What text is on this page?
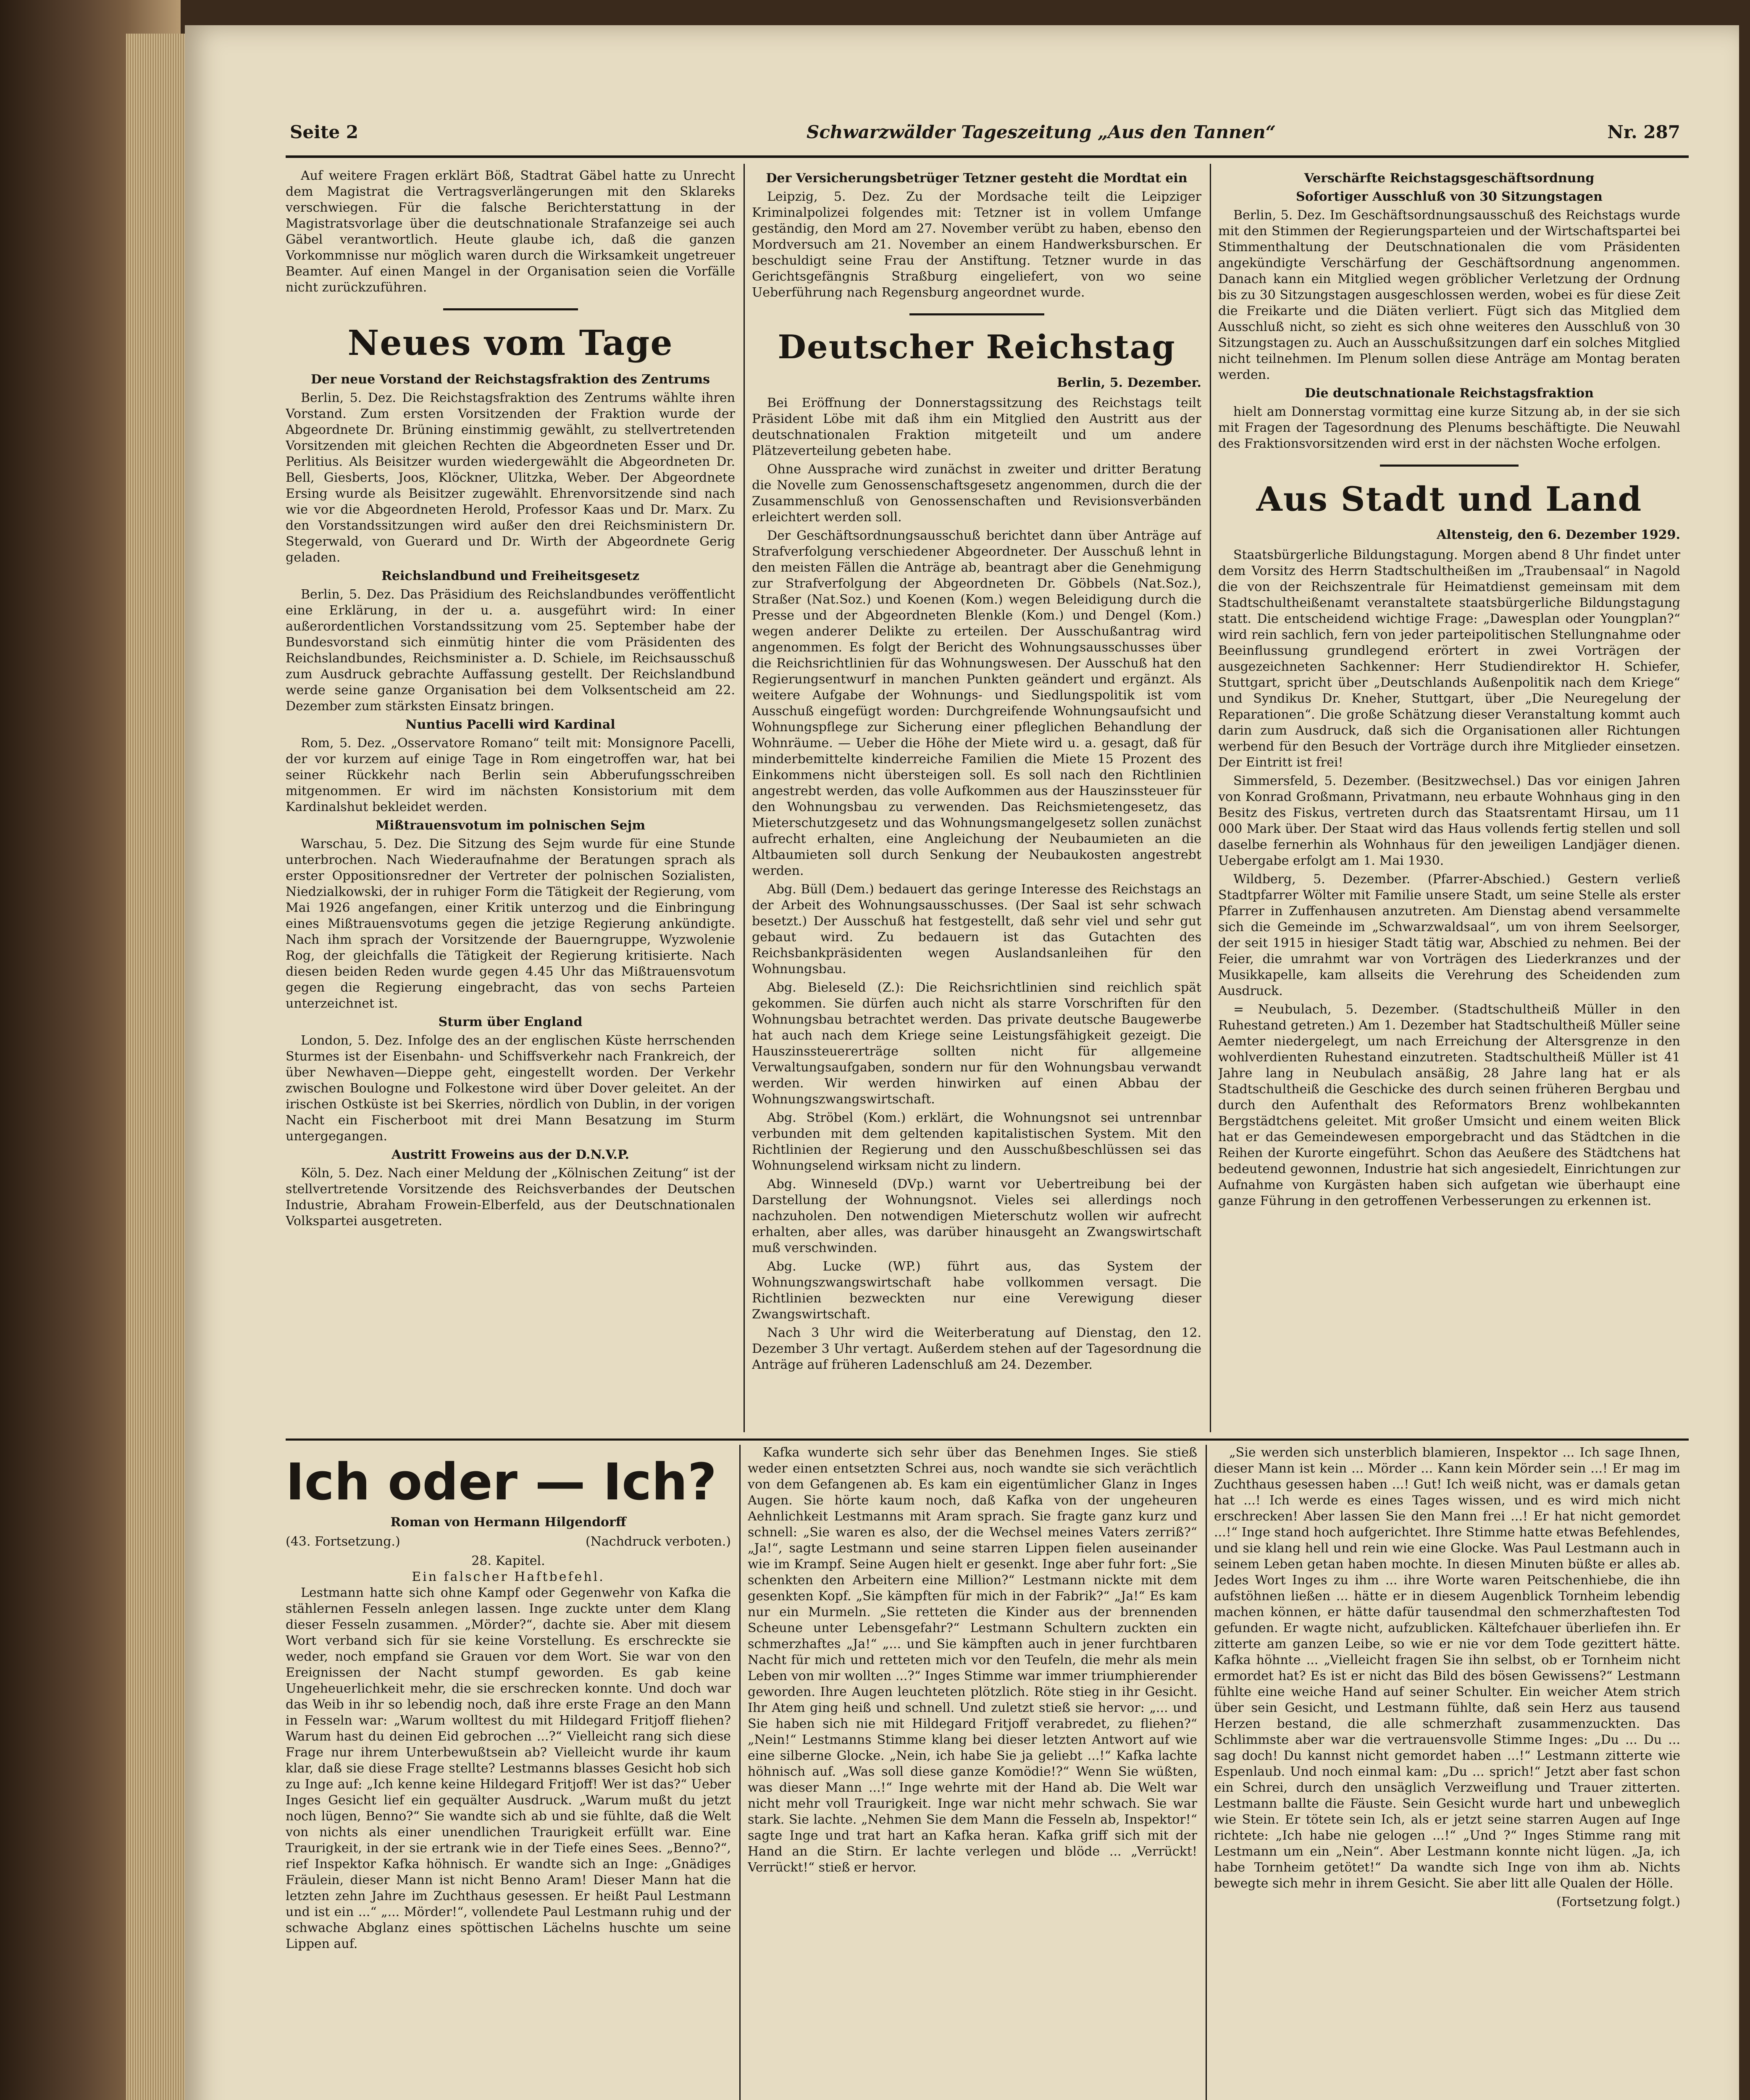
Seite 2	Schwarzwälder Tageszeitung „Aus den Tannen“	Nr. 287

Auf weitere Fragen erklärt Böß, Stadtrat Gäbel hatte zu Unrecht dem Magistrat die Vertragsverlängerungen mit den Sklareks verschwiegen. Für die falsche Berichterstattung in der Magistratsvorlage über die deutschnationale Strafanzeige sei auch Gäbel verantwortlich. Heute glaube ich, daß die ganzen Vorkommnisse nur möglich waren durch die Wirksamkeit ungetreuer Beamter. Auf einen Mangel in der Organisation seien die Vorfälle nicht zurückzuführen.

Neues vom Tage
Der neue Vorstand der Reichstagsfraktion des Zentrums

Berlin, 5. Dez. Die Reichstagsfraktion des Zentrums wählte ihren Vorstand. Zum ersten Vorsitzenden der Fraktion wurde der Abgeordnete Dr. Brüning einstimmig gewählt, zu stellvertretenden Vorsitzenden mit gleichen Rechten die Abgeordneten Esser und Dr. Perlitius. Als Beisitzer wurden wiedergewählt die Abgeordneten Dr. Bell, Giesberts, Joos, Klöckner, Ulitzka, Weber. Der Abgeordnete Ersing wurde als Beisitzer zugewählt. Ehrenvorsitzende sind nach wie vor die Abgeordneten Herold, Professor Kaas und Dr. Marx. Zu den Vorstandssitzungen wird außer den drei Reichsministern Dr. Stegerwald, von Guerard und Dr. Wirth der Abgeordnete Gerig geladen.

Reichslandbund und Freiheitsgesetz

Berlin, 5. Dez. Das Präsidium des Reichslandbundes veröffentlicht eine Erklärung, in der u. a. ausgeführt wird: In einer außerordentlichen Vorstandssitzung vom 25. September habe der Bundesvorstand sich einmütig hinter die vom Präsidenten des Reichslandbundes, Reichsminister a. D. Schiele, im Reichsausschuß zum Ausdruck gebrachte Auffassung gestellt. Der Reichslandbund werde seine ganze Organisation bei dem Volksentscheid am 22. Dezember zum stärksten Einsatz bringen.

Nuntius Pacelli wird Kardinal

Rom, 5. Dez. „Osservatore Romano“ teilt mit: Monsignore Pacelli, der vor kurzem auf einige Tage in Rom eingetroffen war, hat bei seiner Rückkehr nach Berlin sein Abberufungsschreiben mitgenommen. Er wird im nächsten Konsistorium mit dem Kardinalshut bekleidet werden.

Mißtrauensvotum im polnischen Sejm

Warschau, 5. Dez. Die Sitzung des Sejm wurde für eine Stunde unterbrochen. Nach Wiederaufnahme der Beratungen sprach als erster Oppositionsredner der Vertreter der polnischen Sozialisten, Niedzialkowski, der in ruhiger Form die Tätigkeit der Regierung, vom Mai 1926 angefangen, einer Kritik unterzog und die Einbringung eines Mißtrauensvotums gegen die jetzige Regierung ankündigte. Nach ihm sprach der Vorsitzende der Bauerngruppe, Wyzwolenie Rog, der gleichfalls die Tätigkeit der Regierung kritisierte. Nach diesen beiden Reden wurde gegen 4.45 Uhr das Mißtrauensvotum gegen die Regierung eingebracht, das von sechs Parteien unterzeichnet ist.

Sturm über England

London, 5. Dez. Infolge des an der englischen Küste herrschenden Sturmes ist der Eisenbahn- und Schiffsverkehr nach Frankreich, der über Newhaven—Dieppe geht, eingestellt worden. Der Verkehr zwischen Boulogne und Folkestone wird über Dover geleitet. An der irischen Ostküste ist bei Skerries, nördlich von Dublin, in der vorigen Nacht ein Fischerboot mit drei Mann Besatzung im Sturm untergegangen.

Austritt Froweins aus der D.N.V.P.

Köln, 5. Dez. Nach einer Meldung der „Kölnischen Zeitung“ ist der stellvertretende Vorsitzende des Reichsverbandes der Deutschen Industrie, Abraham Frowein-Elberfeld, aus der Deutschnationalen Volkspartei ausgetreten.

Der Versicherungsbetrüger Tetzner gesteht die Mordtat ein

Leipzig, 5. Dez. Zu der Mordsache teilt die Leipziger Kriminalpolizei folgendes mit: Tetzner ist in vollem Umfange geständig, den Mord am 27. November verübt zu haben, ebenso den Mordversuch am 21. November an einem Handwerksburschen. Er beschuldigt seine Frau der Anstiftung. Tetzner wurde in das Gerichtsgefängnis Straßburg eingeliefert, von wo seine Ueberführung nach Regensburg angeordnet wurde.

Deutscher Reichstag
Berlin, 5. Dezember.

Bei Eröffnung der Donnerstagssitzung des Reichstags teilt Präsident Löbe mit daß ihm ein Mitglied den Austritt aus der deutschnationalen Fraktion mitgeteilt und um andere Plätzeverteilung gebeten habe.

Ohne Aussprache wird zunächst in zweiter und dritter Beratung die Novelle zum Genossenschaftsgesetz angenommen, durch die der Zusammenschluß von Genossenschaften und Revisionsverbänden erleichtert werden soll.

Der Geschäftsordnungsausschuß berichtet dann über Anträge auf Strafverfolgung verschiedener Abgeordneter. Der Ausschuß lehnt in den meisten Fällen die Anträge ab, beantragt aber die Genehmigung zur Strafverfolgung der Abgeordneten Dr. Göbbels (Nat.Soz.), Straßer (Nat.Soz.) und Koenen (Kom.) wegen Beleidigung durch die Presse und der Abgeordneten Blenkle (Kom.) und Dengel (Kom.) wegen anderer Delikte zu erteilen. Der Ausschußantrag wird angenommen. Es folgt der Bericht des Wohnungsausschusses über die Reichsrichtlinien für das Wohnungswesen. Der Ausschuß hat den Regierungsentwurf in manchen Punkten geändert und ergänzt. Als weitere Aufgabe der Wohnungs- und Siedlungspolitik ist vom Ausschuß eingefügt worden: Durchgreifende Wohnungsaufsicht und Wohnungspflege zur Sicherung einer pfleglichen Behandlung der Wohnräume. — Ueber die Höhe der Miete wird u. a. gesagt, daß für minderbemittelte kinderreiche Familien die Miete 15 Prozent des Einkommens nicht übersteigen soll. Es soll nach den Richtlinien angestrebt werden, das volle Aufkommen aus der Hauszinssteuer für den Wohnungsbau zu verwenden. Das Reichsmietengesetz, das Mieterschutzgesetz und das Wohnungsmangelgesetz sollen zunächst aufrecht erhalten, eine Angleichung der Neubaumieten an die Altbaumieten soll durch Senkung der Neubaukosten angestrebt werden.

Abg. Büll (Dem.) bedauert das geringe Interesse des Reichstags an der Arbeit des Wohnungsausschusses. (Der Saal ist sehr schwach besetzt.) Der Ausschuß hat festgestellt, daß sehr viel und sehr gut gebaut wird. Zu bedauern ist das Gutachten des Reichsbankpräsidenten wegen Auslandsanleihen für den Wohnungsbau.

Abg. Bieleseld (Z.): Die Reichsrichtlinien sind reichlich spät gekommen. Sie dürfen auch nicht als starre Vorschriften für den Wohnungsbau betrachtet werden. Das private deutsche Baugewerbe hat auch nach dem Kriege seine Leistungsfähigkeit gezeigt. Die Hauszinssteuererträge sollten nicht für allgemeine Verwaltungsaufgaben, sondern nur für den Wohnungsbau verwandt werden. Wir werden hinwirken auf einen Abbau der Wohnungszwangswirtschaft.

Abg. Ströbel (Kom.) erklärt, die Wohnungsnot sei untrennbar verbunden mit dem geltenden kapitalistischen System. Mit den Richtlinien der Regierung und den Ausschußbeschlüssen sei das Wohnungselend wirksam nicht zu lindern.

Abg. Winneseld (DVp.) warnt vor Uebertreibung bei der Darstellung der Wohnungsnot. Vieles sei allerdings noch nachzuholen. Den notwendigen Mieterschutz wollen wir aufrecht erhalten, aber alles, was darüber hinausgeht an Zwangswirtschaft muß verschwinden.

Abg. Lucke (WP.) führt aus, das System der Wohnungszwangswirtschaft habe vollkommen versagt. Die Richtlinien bezweckten nur eine Verewigung dieser Zwangswirtschaft.

Nach 3 Uhr wird die Weiterberatung auf Dienstag, den 12. Dezember 3 Uhr vertagt. Außerdem stehen auf der Tagesordnung die Anträge auf früheren Ladenschluß am 24. Dezember.

Verschärfte Reichstagsgeschäftsordnung
Sofortiger Ausschluß von 30 Sitzungstagen

Berlin, 5. Dez. Im Geschäftsordnungsausschuß des Reichstags wurde mit den Stimmen der Regierungsparteien und der Wirtschaftspartei bei Stimmenthaltung der Deutschnationalen die vom Präsidenten angekündigte Verschärfung der Geschäftsordnung angenommen. Danach kann ein Mitglied wegen gröblicher Verletzung der Ordnung bis zu 30 Sitzungstagen ausgeschlossen werden, wobei es für diese Zeit die Freikarte und die Diäten verliert. Fügt sich das Mitglied dem Ausschluß nicht, so zieht es sich ohne weiteres den Ausschluß von 30 Sitzungstagen zu. Auch an Ausschußsitzungen darf ein solches Mitglied nicht teilnehmen. Im Plenum sollen diese Anträge am Montag beraten werden.

Die deutschnationale Reichstagsfraktion

hielt am Donnerstag vormittag eine kurze Sitzung ab, in der sie sich mit Fragen der Tagesordnung des Plenums beschäftigte. Die Neuwahl des Fraktionsvorsitzenden wird erst in der nächsten Woche erfolgen.

Aus Stadt und Land
Altensteig, den 6. Dezember 1929.

Staatsbürgerliche Bildungstagung. Morgen abend 8 Uhr findet unter dem Vorsitz des Herrn Stadtschultheißen im „Traubensaal“ in Nagold die von der Reichszentrale für Heimatdienst gemeinsam mit dem Stadtschultheißenamt veranstaltete staatsbürgerliche Bildungstagung statt. Die entscheidend wichtige Frage: „Dawesplan oder Youngplan?“ wird rein sachlich, fern von jeder parteipolitischen Stellungnahme oder Beeinflussung grundlegend erörtert in zwei Vorträgen der ausgezeichneten Sachkenner: Herr Studiendirektor H. Schiefer, Stuttgart, spricht über „Deutschlands Außenpolitik nach dem Kriege“ und Syndikus Dr. Kneher, Stuttgart, über „Die Neuregelung der Reparationen“. Die große Schätzung dieser Veranstaltung kommt auch darin zum Ausdruck, daß sich die Organisationen aller Richtungen werbend für den Besuch der Vorträge durch ihre Mitglieder einsetzen. Der Eintritt ist frei!

Simmersfeld, 5. Dezember. (Besitzwechsel.) Das vor einigen Jahren von Konrad Großmann, Privatmann, neu erbaute Wohnhaus ging in den Besitz des Fiskus, vertreten durch das Staatsrentamt Hirsau, um 11 000 Mark über. Der Staat wird das Haus vollends fertig stellen und soll daselbe fernerhin als Wohnhaus für den jeweiligen Landjäger dienen. Uebergabe erfolgt am 1. Mai 1930.

Wildberg, 5. Dezember. (Pfarrer-Abschied.) Gestern verließ Stadtpfarrer Wölter mit Familie unsere Stadt, um seine Stelle als erster Pfarrer in Zuffenhausen anzutreten. Am Dienstag abend versammelte sich die Gemeinde im „Schwarzwaldsaal“, um von ihrem Seelsorger, der seit 1915 in hiesiger Stadt tätig war, Abschied zu nehmen. Bei der Feier, die umrahmt war von Vorträgen des Liederkranzes und der Musikkapelle, kam allseits die Verehrung des Scheidenden zum Ausdruck.

= Neubulach, 5. Dezember. (Stadtschultheiß Müller in den Ruhestand getreten.) Am 1. Dezember hat Stadtschultheiß Müller seine Aemter niedergelegt, um nach Erreichung der Altersgrenze in den wohlverdienten Ruhestand einzutreten. Stadtschultheiß Müller ist 41 Jahre lang in Neubulach ansäßig, 28 Jahre lang hat er als Stadtschultheiß die Geschicke des durch seinen früheren Bergbau und durch den Aufenthalt des Reformators Brenz wohlbekannten Bergstädtchens geleitet. Mit großer Umsicht und einem weiten Blick hat er das Gemeindewesen emporgebracht und das Städtchen in die Reihen der Kurorte eingeführt. Schon das Aeußere des Städtchens hat bedeutend gewonnen, Industrie hat sich angesiedelt, Einrichtungen zur Aufnahme von Kurgästen haben sich aufgetan wie überhaupt eine ganze Führung in den getroffenen Verbesserungen zu erkennen ist.

Ich oder — Ich?
Roman von Hermann Hilgendorff
(43. Fortsetzung.)	(Nachdruck verboten.)
28. Kapitel.
Ein falscher Haftbefehl.

Lestmann hatte sich ohne Kampf oder Gegenwehr von Kafka die stählernen Fesseln anlegen lassen. Inge zuckte unter dem Klang dieser Fesseln zusammen. „Mörder?“, dachte sie. Aber mit diesem Wort verband sich für sie keine Vorstellung. Es erschreckte sie weder, noch empfand sie Grauen vor dem Wort. Sie war von den Ereignissen der Nacht stumpf geworden. Es gab keine Ungeheuerlichkeit mehr, die sie erschrecken konnte. Und doch war das Weib in ihr so lebendig noch, daß ihre erste Frage an den Mann in Fesseln war: „Warum wolltest du mit Hildegard Fritjoff fliehen? Warum hast du deinen Eid gebrochen ...?“ Vielleicht rang sich diese Frage nur ihrem Unterbewußtsein ab? Vielleicht wurde ihr kaum klar, daß sie diese Frage stellte? Lestmanns blasses Gesicht hob sich zu Inge auf: „Ich kenne keine Hildegard Fritjoff! Wer ist das?“ Ueber Inges Gesicht lief ein gequälter Ausdruck. „Warum mußt du jetzt noch lügen, Benno?“ Sie wandte sich ab und sie fühlte, daß die Welt von nichts als einer unendlichen Traurigkeit erfüllt war. Eine Traurigkeit, in der sie ertrank wie in der Tiefe eines Sees. „Benno?“, rief Inspektor Kafka höhnisch. Er wandte sich an Inge: „Gnädiges Fräulein, dieser Mann ist nicht Benno Aram! Dieser Mann hat die letzten zehn Jahre im Zuchthaus gesessen. Er heißt Paul Lestmann und ist ein ...“ „... Mörder!“, vollendete Paul Lestmann ruhig und der schwache Abglanz eines spöttischen Lächelns huschte um seine Lippen auf.

Kafka wunderte sich sehr über das Benehmen Inges. Sie stieß weder einen entsetzten Schrei aus, noch wandte sie sich verächtlich von dem Gefangenen ab. Es kam ein eigentümlicher Glanz in Inges Augen. Sie hörte kaum noch, daß Kafka von der ungeheuren Aehnlichkeit Lestmanns mit Aram sprach. Sie fragte ganz kurz und schnell: „Sie waren es also, der die Wechsel meines Vaters zerriß?“ „Ja!“, sagte Lestmann und seine starren Lippen fielen auseinander wie im Krampf. Seine Augen hielt er gesenkt. Inge aber fuhr fort: „Sie schenkten den Arbeitern eine Million?“ Lestmann nickte mit dem gesenkten Kopf. „Sie kämpften für mich in der Fabrik?“ „Ja!“ Es kam nur ein Murmeln. „Sie retteten die Kinder aus der brennenden Scheune unter Lebensgefahr?“ Lestmann Schultern zuckten ein schmerzhaftes „Ja!“ „... und Sie kämpften auch in jener furchtbaren Nacht für mich und retteten mich vor den Teufeln, die mehr als mein Leben von mir wollten ...?“ Inges Stimme war immer triumphierender geworden. Ihre Augen leuchteten plötzlich. Röte stieg in ihr Gesicht. Ihr Atem ging heiß und schnell. Und zuletzt stieß sie hervor: „... und Sie haben sich nie mit Hildegard Fritjoff verabredet, zu fliehen?“ „Nein!“ Lestmanns Stimme klang bei dieser letzten Antwort auf wie eine silberne Glocke. „Nein, ich habe Sie ja geliebt ...!“ Kafka lachte höhnisch auf. „Was soll diese ganze Komödie!?“ Wenn Sie wüßten, was dieser Mann ...!“ Inge wehrte mit der Hand ab. Die Welt war nicht mehr voll Traurigkeit. Inge war nicht mehr schwach. Sie war stark. Sie lachte. „Nehmen Sie dem Mann die Fesseln ab, Inspektor!“ sagte Inge und trat hart an Kafka heran. Kafka griff sich mit der Hand an die Stirn. Er lachte verlegen und blöde ... „Verrückt! Verrückt!“ stieß er hervor.

„Sie werden sich unsterblich blamieren, Inspektor ... Ich sage Ihnen, dieser Mann ist kein ... Mörder ... Kann kein Mörder sein ...! Er mag im Zuchthaus gesessen haben ...! Gut! Ich weiß nicht, was er damals getan hat ...! Ich werde es eines Tages wissen, und es wird mich nicht erschrecken! Aber lassen Sie den Mann frei ...! Er hat nicht gemordet ...!“ Inge stand hoch aufgerichtet. Ihre Stimme hatte etwas Befehlendes, und sie klang hell und rein wie eine Glocke. Was Paul Lestmann auch in seinem Leben getan haben mochte. In diesen Minuten büßte er alles ab. Jedes Wort Inges zu ihm ... ihre Worte waren Peitschenhiebe, die ihn aufstöhnen ließen ... hätte er in diesem Augenblick Tornheim lebendig machen können, er hätte dafür tausendmal den schmerzhaftesten Tod gefunden. Er wagte nicht, aufzublicken. Kältefchauer überliefen ihn. Er zitterte am ganzen Leibe, so wie er nie vor dem Tode gezittert hätte. Kafka höhnte ... „Vielleicht fragen Sie ihn selbst, ob er Tornheim nicht ermordet hat? Es ist er nicht das Bild des bösen Gewissens?“ Lestmann fühlte eine weiche Hand auf seiner Schulter. Ein weicher Atem strich über sein Gesicht, und Lestmann fühlte, daß sein Herz aus tausend Herzen bestand, die alle schmerzhaft zusammenzuckten. Das Schlimmste aber war die vertrauensvolle Stimme Inges: „Du ... Du ... sag doch! Du kannst nicht gemordet haben ...!“ Lestmann zitterte wie Espenlaub. Und noch einmal kam: „Du ... sprich!“ Jetzt aber fast schon ein Schrei, durch den unsäglich Verzweiflung und Trauer zitterten. Lestmann ballte die Fäuste. Sein Gesicht wurde hart und unbeweglich wie Stein. Er tötete sein Ich, als er jetzt seine starren Augen auf Inge richtete: „Ich habe nie gelogen ...!“ „Und ?“ Inges Stimme rang mit Lestmann um ein „Nein“. Aber Lestmann konnte nicht lügen. „Ja, ich habe Tornheim getötet!“ Da wandte sich Inge von ihm ab. Nichts bewegte sich mehr in ihrem Gesicht. Sie aber litt alle Qualen der Hölle.

(Fortsetzung folgt.)
